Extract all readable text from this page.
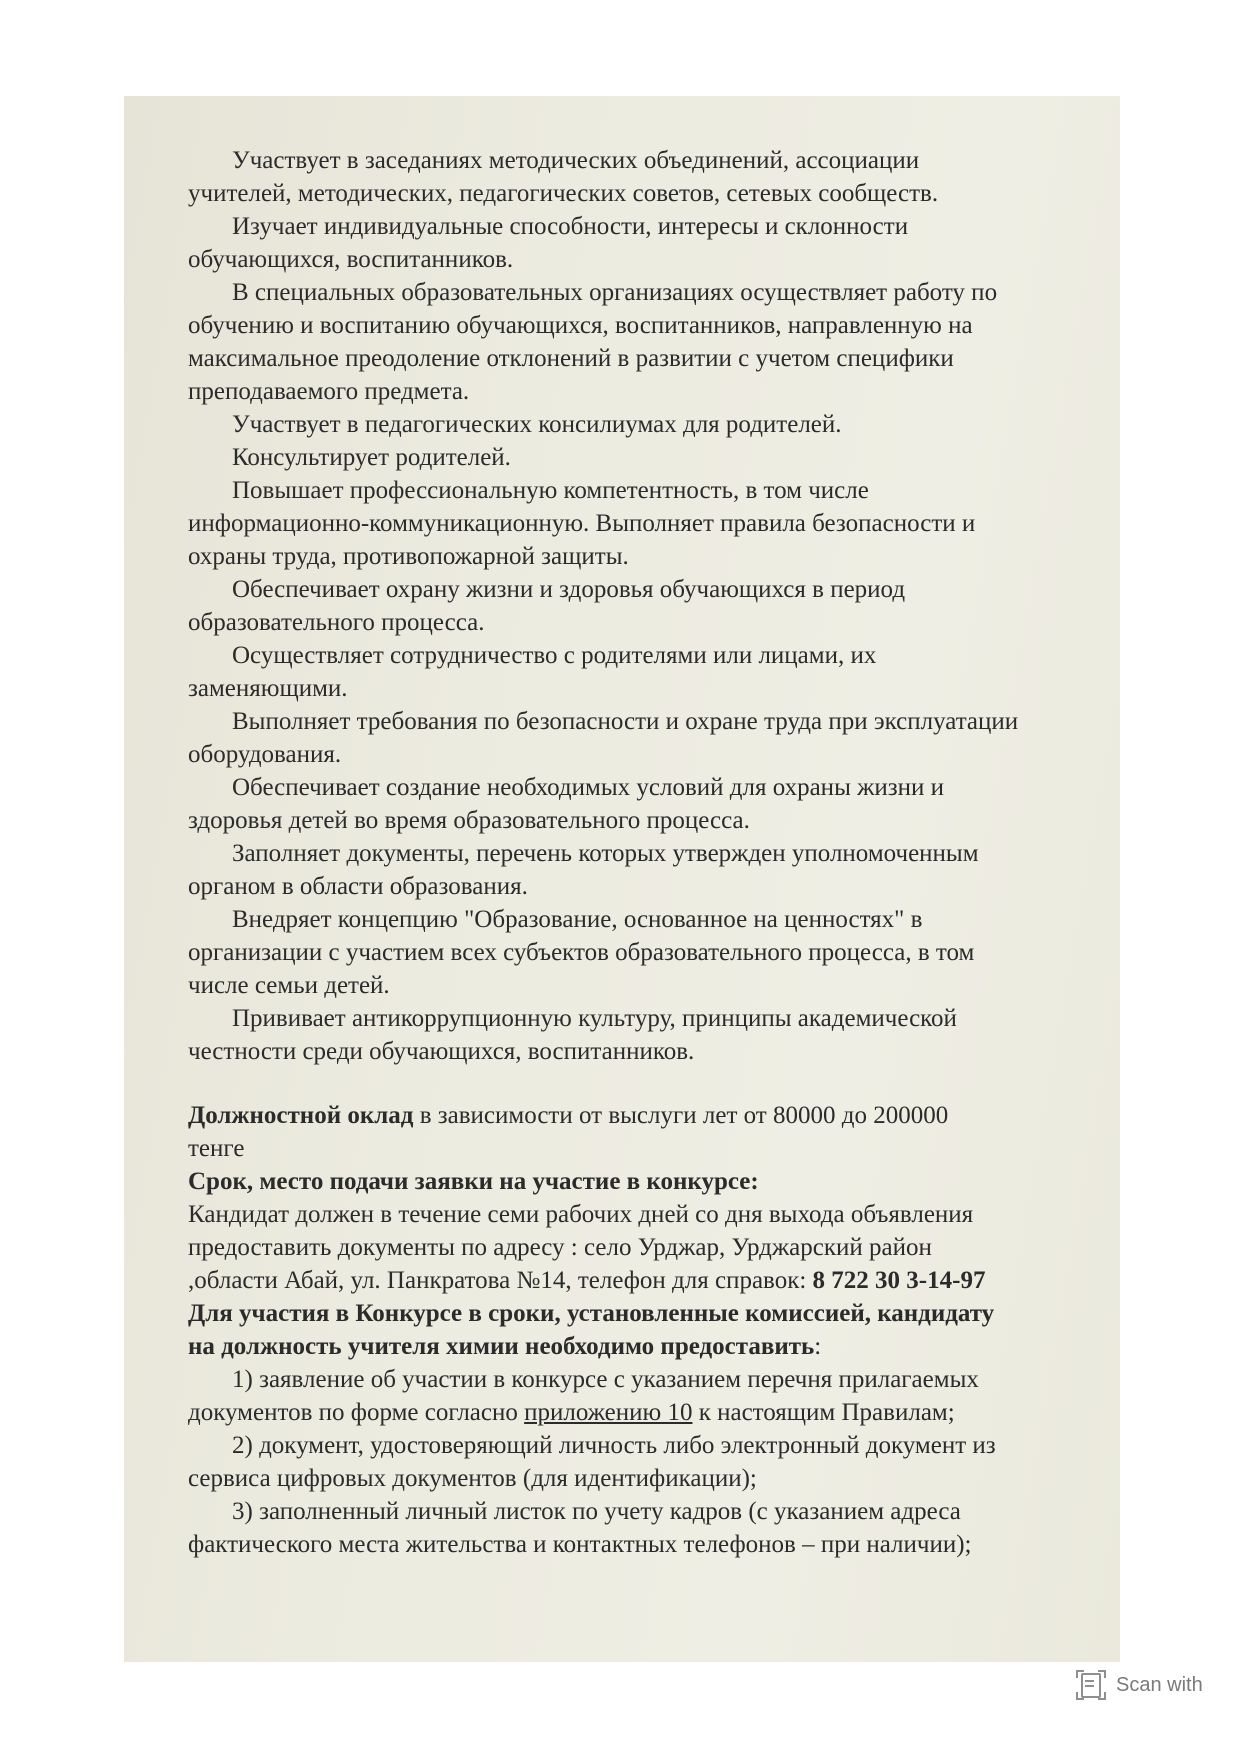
Участвует в заседаниях методических объединений, ассоциации
учителей, методических, педагогических советов, сетевых сообществ.
Изучает индивидуальные способности, интересы и склонности
обучающихся, воспитанников.
В специальных образовательных организациях осуществляет работу по
обучению и воспитанию обучающихся, воспитанников, направленную на
максимальное преодоление отклонений в развитии с учетом специфики
преподаваемого предмета.
Участвует в педагогических консилиумах для родителей.
Консультирует родителей.
Повышает профессиональную компетентность, в том числе
информационно-коммуникационную. Выполняет правила безопасности и
охраны труда, противопожарной защиты.
Обеспечивает охрану жизни и здоровья обучающихся в период
образовательного процесса.
Осуществляет сотрудничество с родителями или лицами, их
заменяющими.
Выполняет требования по безопасности и охране труда при эксплуатации
оборудования.
Обеспечивает создание необходимых условий для охраны жизни и
здоровья детей во время образовательного процесса.
Заполняет документы, перечень которых утвержден уполномоченным
органом в области образования.
Внедряет концепцию "Образование, основанное на ценностях" в
организации с участием всех субъектов образовательного процесса, в том
числе семьи детей.
Прививает антикоррупционную культуру, принципы академической
честности среди обучающихся, воспитанников.
Должностной оклад в зависимости от выслуги лет от 80000 до 200000
тенге
Срок, место подачи заявки на участие в конкурсе:
Кандидат должен в течение семи рабочих дней со дня выхода объявления
предоставить документы по адресу : село Урджар, Урджарский район
,области Абай, ул. Панкратова №14, телефон для справок: 8 722 30 3-14-97
Для участия в Конкурсе в сроки, установленные комиссией, кандидату
на должность учителя химии необходимо предоставить:
1) заявление об участии в конкурсе с указанием перечня прилагаемых
документов по форме согласно приложению 10 к настоящим Правилам;
2) документ, удостоверяющий личность либо электронный документ из
сервиса цифровых документов (для идентификации);
3) заполненный личный листок по учету кадров (с указанием адреса
фактического места жительства и контактных телефонов – при наличии);
Scan with
